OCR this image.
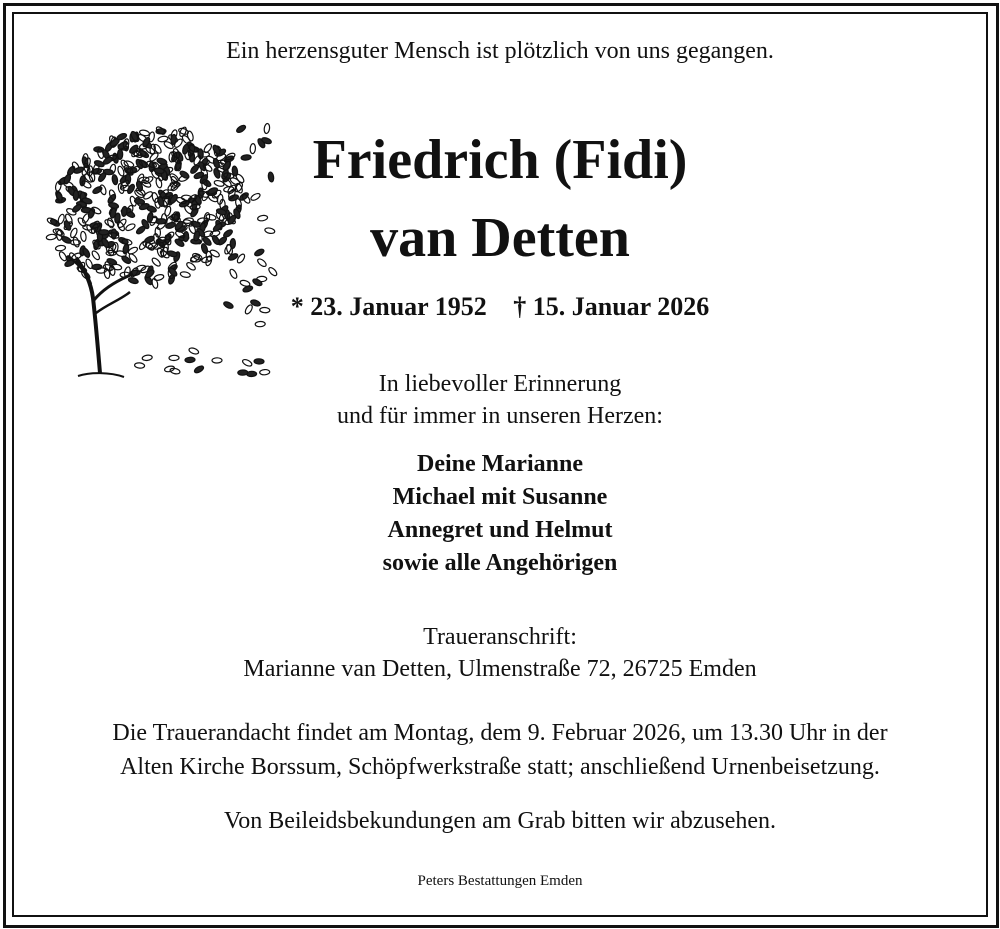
Ein herzensguter Mensch ist plötzlich von uns gegangen.
Friedrich (Fidi)
van Detten
* 23. Januar 1952 † 15. Januar 2026
In liebevoller Erinnerung
und für immer in unseren Herzen:
Deine Marianne
Michael mit Susanne
Annegret und Helmut
sowie alle Angehörigen
Traueranschrift:
Marianne van Detten, Ulmenstraße 72, 26725 Emden
Die Trauerandacht findet am Montag, dem 9. Februar 2026, um 13.30 Uhr in der
Alten Kirche Borssum, Schöpfwerkstraße statt; anschließend Urnenbeisetzung.
Von Beileidsbekundungen am Grab bitten wir abzusehen.
Peters Bestattungen Emden
